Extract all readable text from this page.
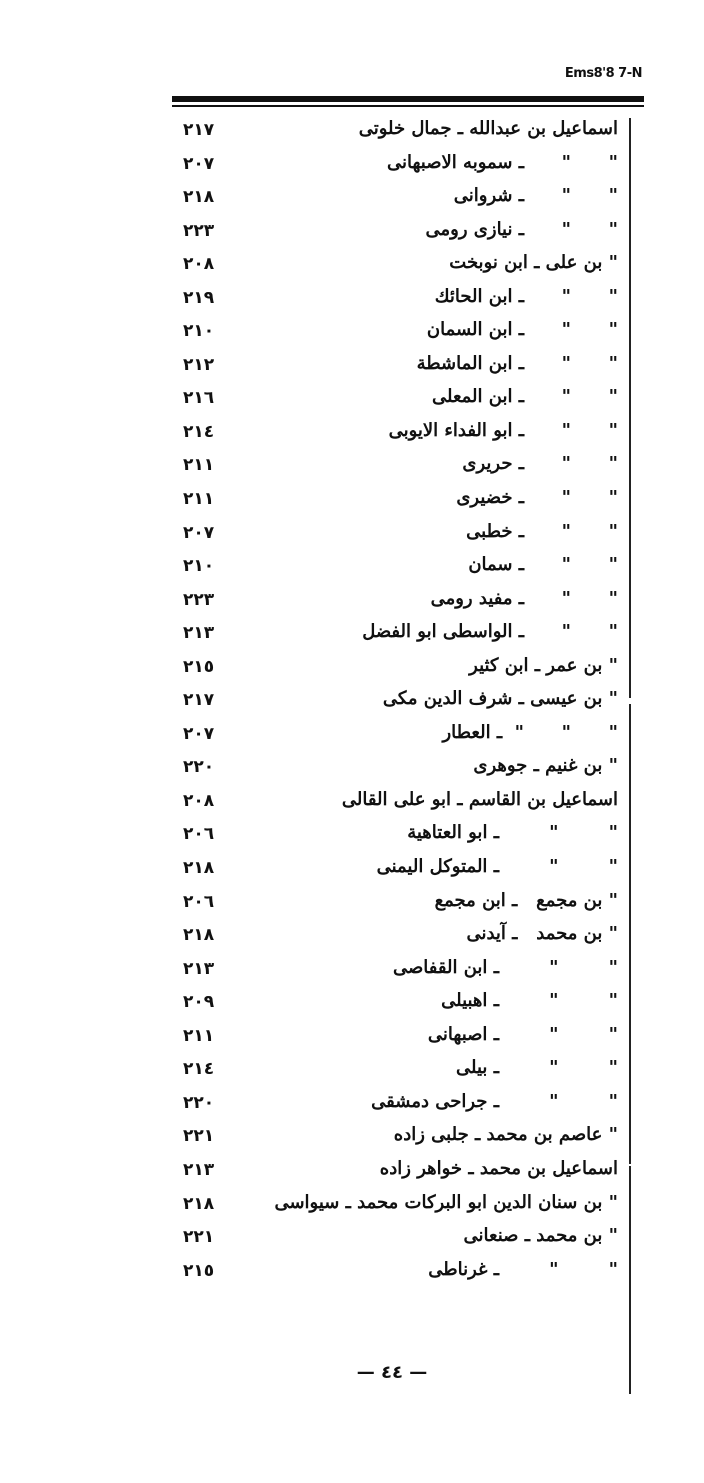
Ems8'8 7-N
٢١٧	اسماعيل بن عبدالله ـ جمال خلوتى
٢٠٧	"      "      ـ سموبه الاصبهانى
٢١٨	"      "      ـ شروانى
٢٢٣	"      "      ـ نيازى رومى
٢٠٨	" بن على ـ ابن نوبخت
٢١٩	"      "      ـ ابن الحائك
٢١٠	"      "      ـ ابن السمان
٢١٢	"      "      ـ ابن الماشطة
٢١٦	"      "      ـ ابن المعلى
٢١٤	"      "      ـ ابو الفداء الايوبى
٢١١	"      "      ـ حريرى
٢١١	"      "      ـ خضيرى
٢٠٧	"      "      ـ خطبى
٢١٠	"      "      ـ سمان
٢٢٣	"      "      ـ مفيد رومى
٢١٣	"      "      ـ الواسطى ابو الفضل
٢١٥	" بن عمر ـ ابن كثير
٢١٧	" بن عيسى ـ شرف الدين مكى
٢٠٧	"      "      "  ـ العطار
٢٢٠	" بن غنيم ـ جوهرى
٢٠٨	اسماعيل بن القاسم ـ ابو على القالى
٢٠٦	"        "        ـ ابو العتاهية
٢١٨	"        "        ـ المتوكل اليمنى
٢٠٦	" بن مجمع   ـ ابن مجمع
٢١٨	" بن محمد   ـ آيدنى
٢١٣	"        "        ـ ابن القفاصى
٢٠٩	"        "        ـ اهبيلى
٢١١	"        "        ـ اصبهانى
٢١٤	"        "        ـ بيلى
٢٢٠	"        "        ـ جراحى دمشقى
٢٢١	" عاصم بن محمد ـ جلبى زاده
٢١٣	اسماعيل بن محمد ـ خواهر زاده
٢١٨	" بن سنان الدين ابو البركات محمد ـ سيواسى
٢٢١	" بن محمد ـ صنعانى
٢١٥	"        "        ـ غرناطى
— ٤٤ —
